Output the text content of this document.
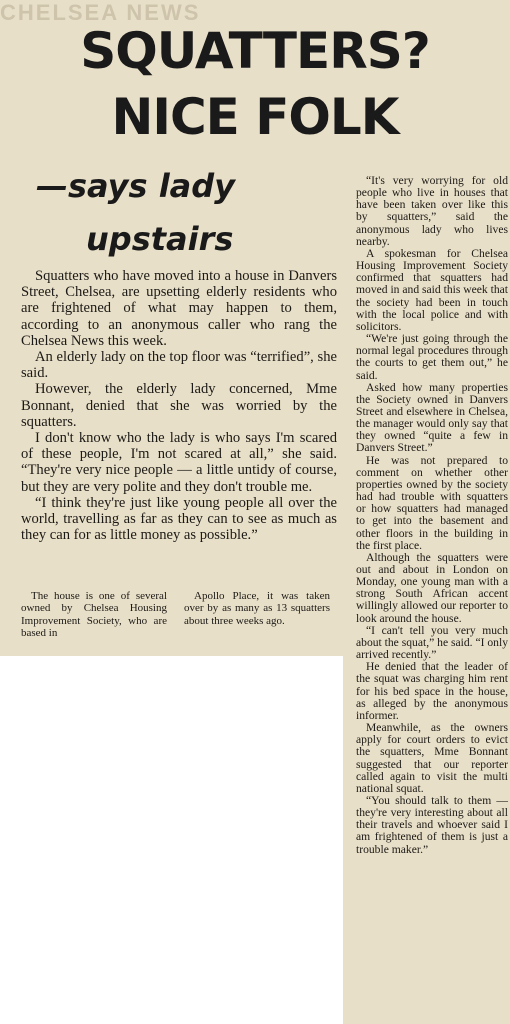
CHELSEA NEWS
SQUATTERS?
NICE FOLK
—says lady
upstairs

Squatters who have moved into a house in Danvers Street, Chelsea, are upsetting elderly residents who are frightened of what may happen to them, according to an anonymous caller who rang the Chelsea News this week.

An elderly lady on the top floor was “terrified”, she said.

However, the elderly lady concerned, Mme Bonnant, denied that she was worried by the squatters.

I don't know who the lady is who says I'm scared of these people, I'm not scared at all,” she said. “They're very nice people — a little untidy of course, but they are very polite and they don't trouble me.

“I think they're just like young people all over the world, travelling as far as they can to see as much as they can for as little money as possible.”

The house is one of several owned by Chelsea Housing Improvement Society, who are based in

Apollo Place, it was taken over by as many as 13 squatters about three weeks ago.

“It's very worrying for old people who live in houses that have been taken over like this by squatters,” said the anonymous lady who lives nearby.

A spokesman for Chelsea Housing Improvement Society confirmed that squatters had moved in and said this week that the society had been in touch with the local police and with solicitors.

“We're just going through the normal legal procedures through the courts to get them out,” he said.

Asked how many properties the Society owned in Danvers Street and elsewhere in Chelsea, the manager would only say that they owned “quite a few in Danvers Street.”

He was not prepared to comment on whether other properties owned by the society had had trouble with squatters or how squatters had managed to get into the basement and other floors in the building in the first place.

Although the squatters were out and about in London on Monday, one young man with a strong South African accent willingly allowed our reporter to look around the house.

“I can't tell you very much about the squat,” he said. “I only arrived recently.”

He denied that the leader of the squat was charging him rent for his bed space in the house, as alleged by the anonymous informer.

Meanwhile, as the owners apply for court orders to evict the squatters, Mme Bonnant suggested that our reporter called again to visit the multi national squat.

“You should talk to them — they're very interesting about all their travels and whoever said I am frightened of them is just a trouble maker.”
